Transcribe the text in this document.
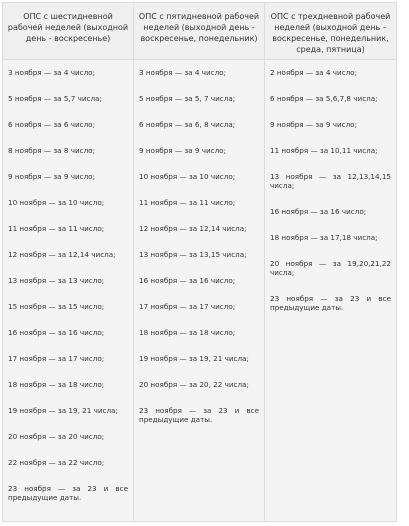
ОПС с шестидневной рабочей неделей (выходной день - воскресенье)
ОПС с пятидневной рабочей неделей (выходной день - воскресенье, понедельник)
ОПС с трехдневной рабочей неделей (выходной день – воскресенье, понедельник, среда, пятница)
3 ноября — за 4 число;
5 ноября — за 5,7 числа;
6 ноября — за 6 число;
8 ноября — за 8 число;
9 ноября — за 9 число;
10 ноября — за 10 число;
11 ноября — за 11 число;
12 ноября — за 12,14 числа;
13 ноября — за 13 число;
15 ноября — за 15 число;
16 ноября — за 16 число;
17 ноября — за 17 число;
18 ноября — за 18 число;
19 ноября — за 19, 21 числа;
20 ноября — за 20 число;
22 ноября — за 22 число;
23 ноября — за 23 и все предыдущие даты.
3 ноября — за 4 число;
5 ноября — за 5, 7 числа;
6 ноября — за 6, 8 числа;
9 ноября — за 9 число;
10 ноября — за 10 число;
11 ноября — за 11 число;
12 ноября — за 12,14 числа;
13 ноября — за 13,15 числа;
16 ноября — за 16 число;
17 ноября — за 17 число;
18 ноября — за 18 число;
19 ноября — за 19, 21 числа;
20 ноября — за 20, 22 числа;
23 ноября — за 23 и все предыдущие даты.
2 ноября — за 4 число;
6 ноября — за 5,6,7,8 числа;
9 ноября — за 9 число;
11 ноября — за 10,11 числа;
13 ноября — за 12,13,14,15 числа;
16 ноября — за 16 число;
18 ноября — за 17,18 числа;
20 ноября — за 19,20,21,22 числа;
23 ноября — за 23 и все предыдущие даты.
